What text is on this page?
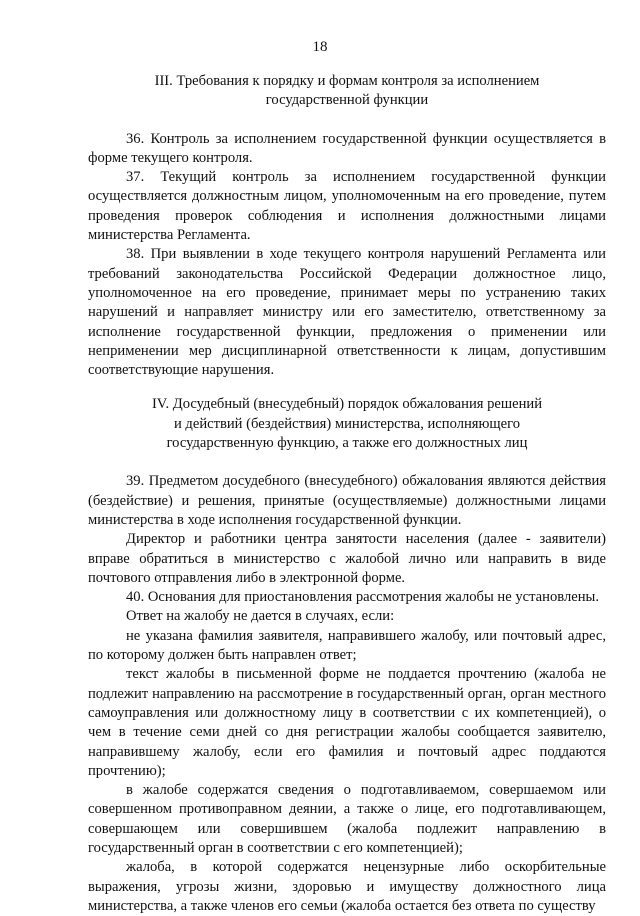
18
III. Требования к порядку и формам контроля за исполнением
государственной функции

36. Контроль за исполнением государственной функции осуществляется в форме текущего контроля.

37. Текущий контроль за исполнением государственной функции осуществляется должностным лицом, уполномоченным на его проведение, путем проведения проверок соблюдения и исполнения должностными лицами министерства Регламента.

38. При выявлении в ходе текущего контроля нарушений Регламента или требований законодательства Российской Федерации должностное лицо, уполномоченное на его проведение, принимает меры по устранению таких нарушений и направляет министру или его заместителю, ответственному за исполнение государственной функции, предложения о применении или неприменении мер дисциплинарной ответственности к лицам, допустившим соответствующие нарушения.

IV. Досудебный (внесудебный) порядок обжалования решений
и действий (бездействия) министерства, исполняющего
государственную функцию, а также его должностных лиц

39. Предметом досудебного (внесудебного) обжалования являются действия (бездействие) и решения, принятые (осуществляемые) должностными лицами министерства в ходе исполнения государственной функции.

Директор и работники центра занятости населения (далее - заявители) вправе обратиться в министерство с жалобой лично или направить в виде почтового отправления либо в электронной форме.

40. Основания для приостановления рассмотрения жалобы не установлены.

Ответ на жалобу не дается в случаях, если:

не указана фамилия заявителя, направившего жалобу, или почтовый адрес, по которому должен быть направлен ответ;

текст жалобы в письменной форме не поддается прочтению (жалоба не подлежит направлению на рассмотрение в государственный орган, орган местного самоуправления или должностному лицу в соответствии с их компетенцией), о чем в течение семи дней со дня регистрации жалобы сообщается заявителю, направившему жалобу, если его фамилия и почтовый адрес поддаются прочтению);

в жалобе содержатся сведения о подготавливаемом, совершаемом или совершенном противоправном деянии, а также о лице, его подготавливающем, совершающем или совершившем (жалоба подлежит направлению в государственный орган в соответствии с его компетенцией);

жалоба, в которой содержатся нецензурные либо оскорбительные выражения, угрозы жизни, здоровью и имуществу должностного лица министерства, а также членов его семьи (жалоба остается без ответа по существу
